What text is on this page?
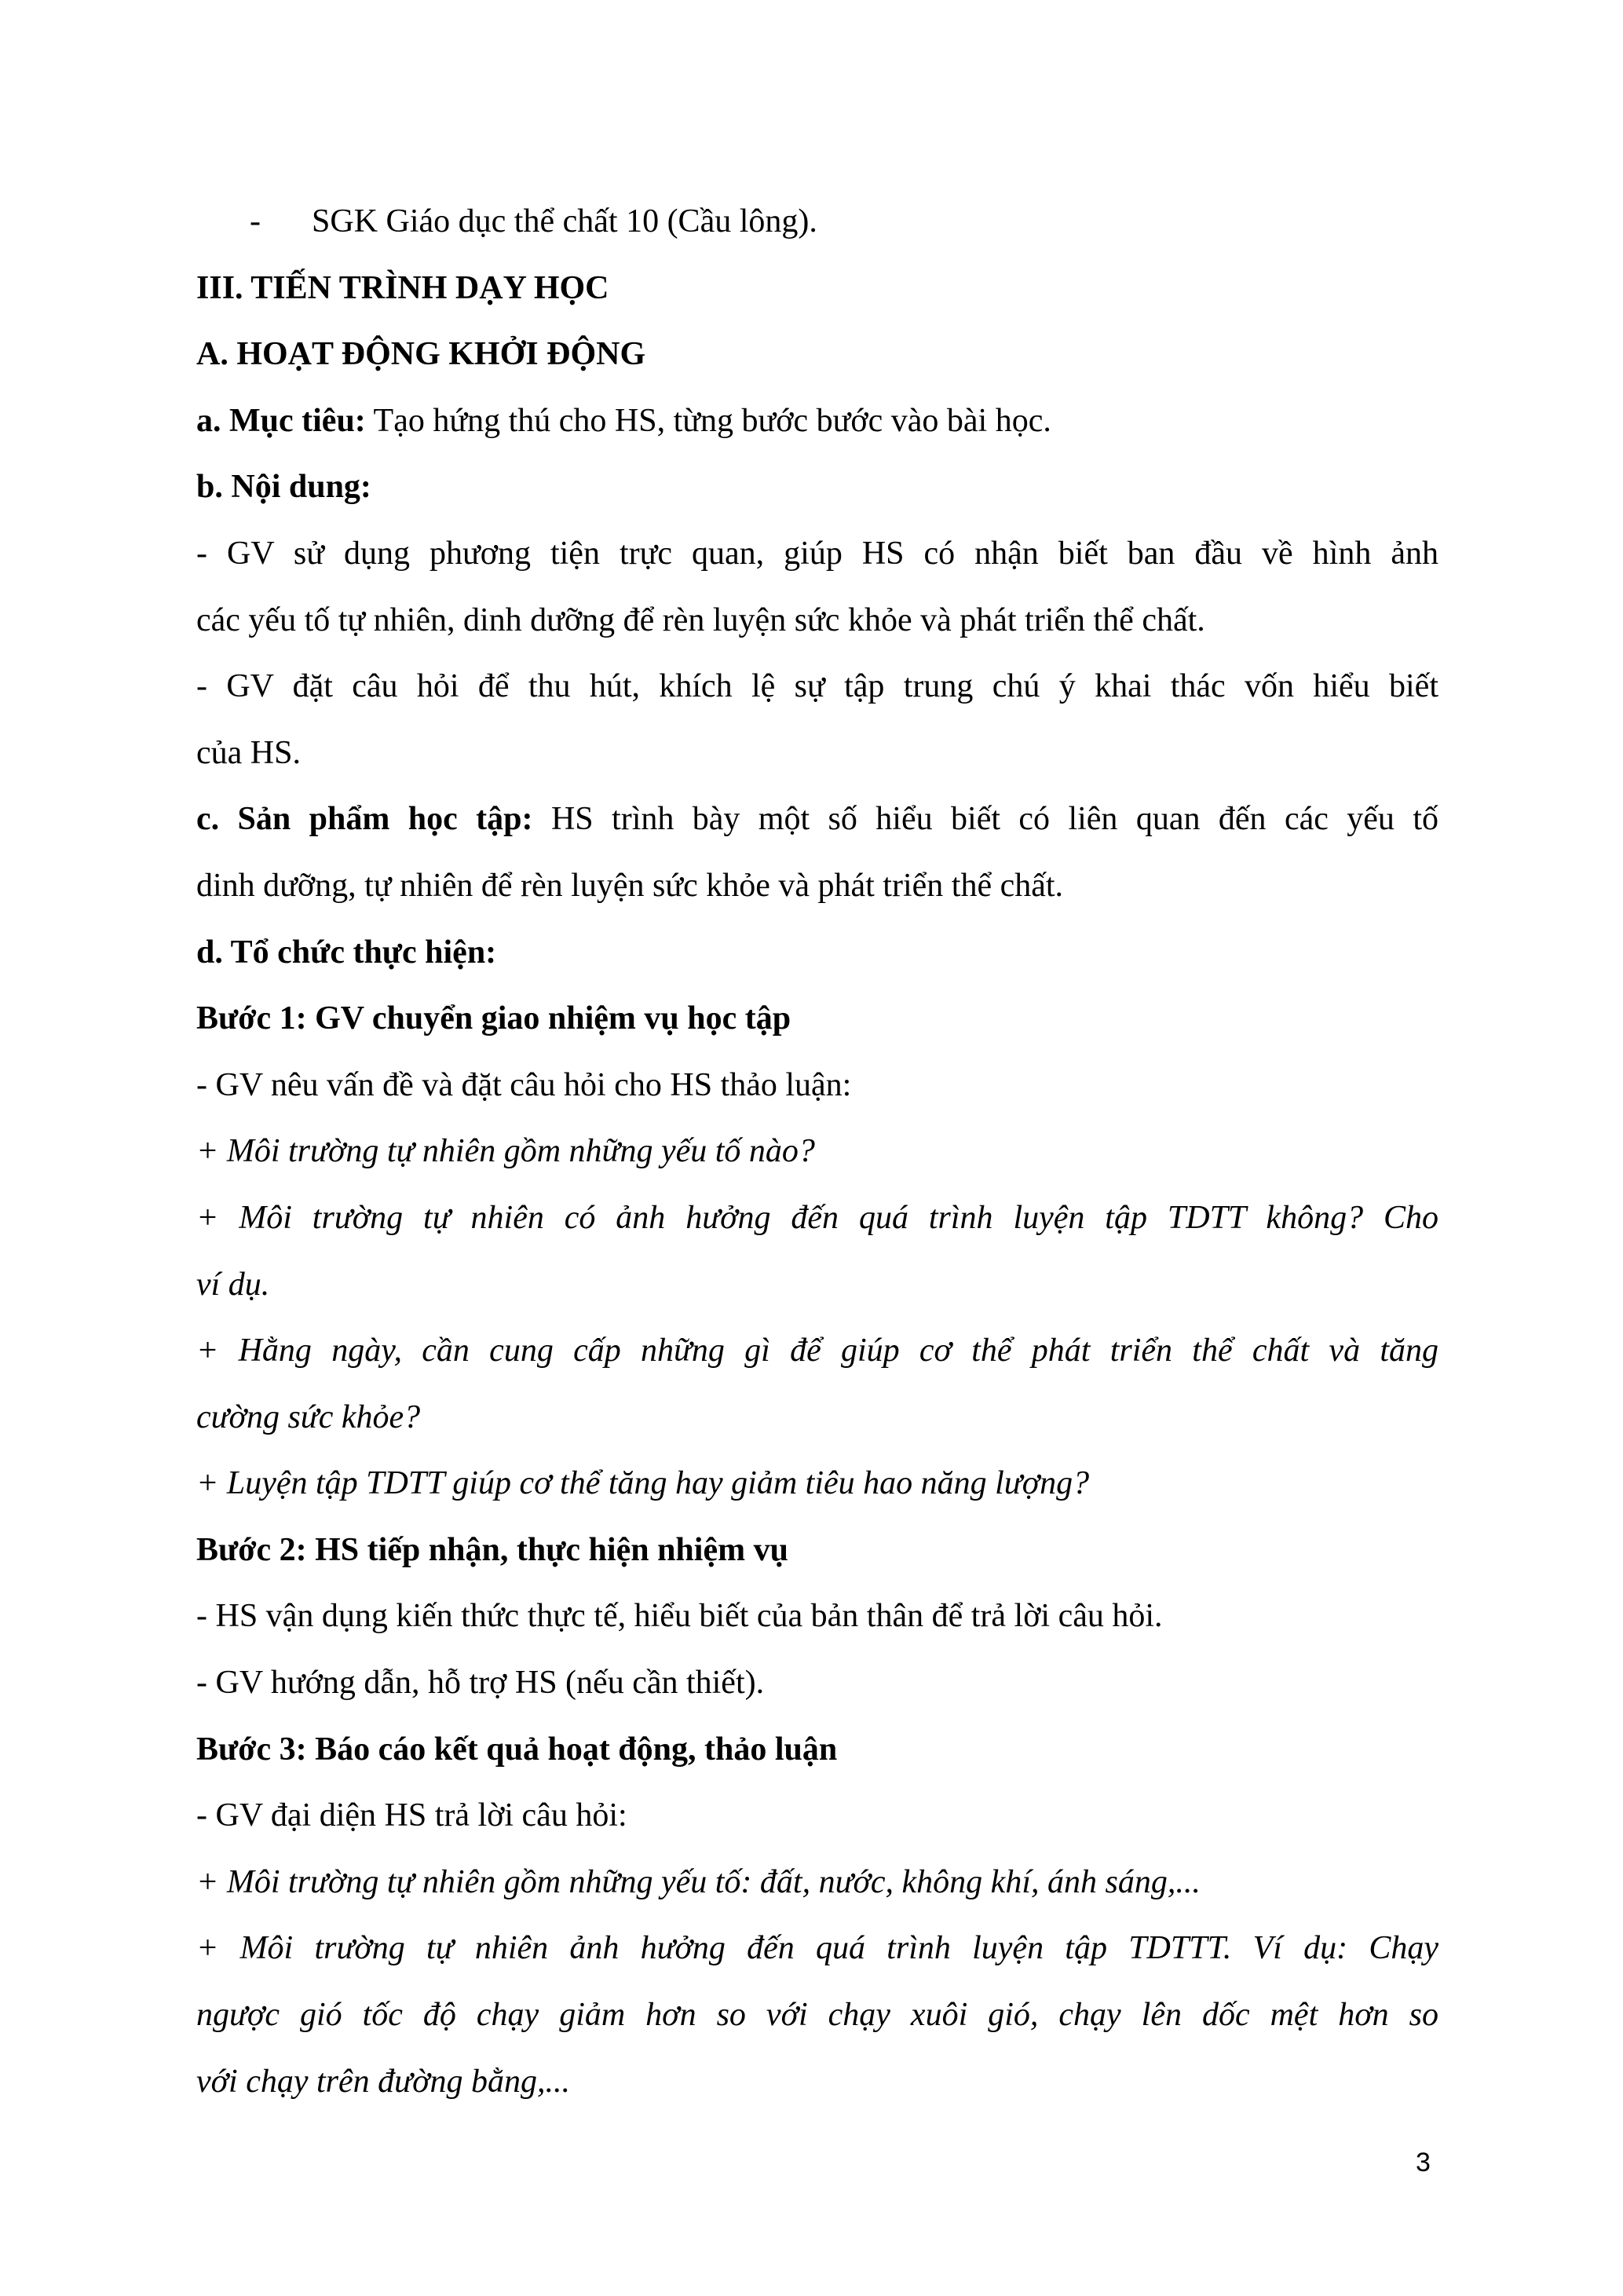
- SGK Giáo dục thể chất 10 (Cầu lông).
III. TIẾN TRÌNH DẠY HỌC
A. HOẠT ĐỘNG KHỞI ĐỘNG
a. Mục tiêu: Tạo hứng thú cho HS, từng bước bước vào bài học.
b. Nội dung:
- GV sử dụng phương tiện trực quan, giúp HS có nhận biết ban đầu về hình ảnh
các yếu tố tự nhiên, dinh dưỡng để rèn luyện sức khỏe và phát triển thể chất.
- GV đặt câu hỏi để thu hút, khích lệ sự tập trung chú ý khai thác vốn hiểu biết
của HS.
c. Sản phẩm học tập: HS trình bày một số hiểu biết có liên quan đến các yếu tố
dinh dưỡng, tự nhiên để rèn luyện sức khỏe và phát triển thể chất.
d. Tổ chức thực hiện:
Bước 1: GV chuyển giao nhiệm vụ học tập
- GV nêu vấn đề và đặt câu hỏi cho HS thảo luận:
+ Môi trường tự nhiên gồm những yếu tố nào?
+ Môi trường tự nhiên có ảnh hưởng đến quá trình luyện tập TDTT không? Cho
ví dụ.
+ Hằng ngày, cần cung cấp những gì để giúp cơ thể phát triển thể chất và tăng
cường sức khỏe?
+ Luyện tập TDTT giúp cơ thể tăng hay giảm tiêu hao năng lượng?
Bước 2: HS tiếp nhận, thực hiện nhiệm vụ
- HS vận dụng kiến thức thực tế, hiểu biết của bản thân để trả lời câu hỏi.
- GV hướng dẫn, hỗ trợ HS (nếu cần thiết).
Bước 3: Báo cáo kết quả hoạt động, thảo luận
- GV đại diện HS trả lời câu hỏi:
+ Môi trường tự nhiên gồm những yếu tố: đất, nước, không khí, ánh sáng,...
+ Môi trường tự nhiên ảnh hưởng đến quá trình luyện tập TDTTT. Ví dụ: Chạy
ngược gió tốc độ chạy giảm hơn so với chạy xuôi gió, chạy lên dốc mệt hơn so
với chạy trên đường bằng,...
3
